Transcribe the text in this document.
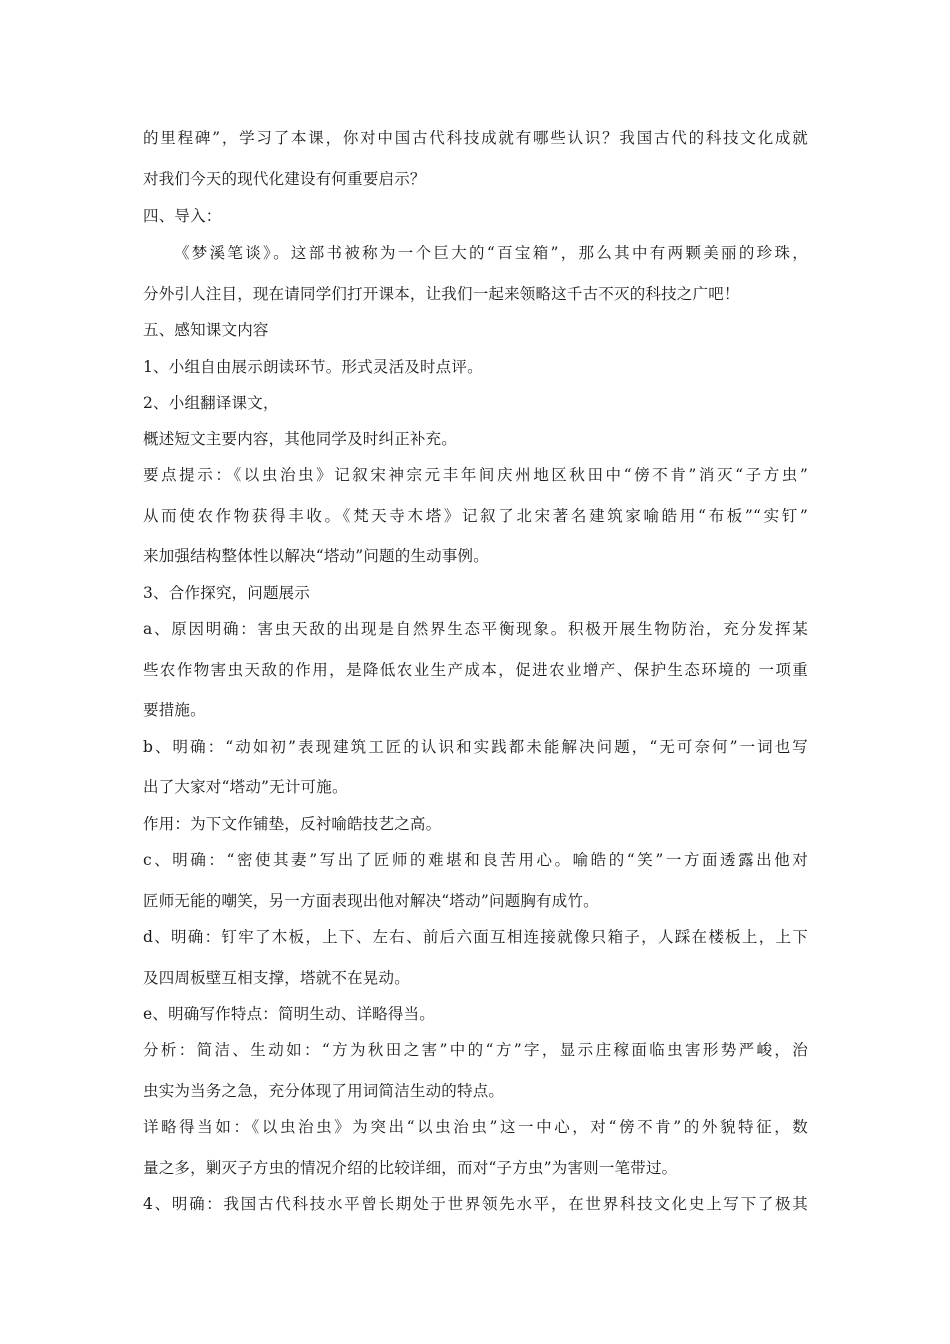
的里程碑”，学习了本课，你对中国古代科技成就有哪些认识？我国古代的科技文化成就
对我们今天的现代化建设有何重要启示？
四、导入：
《梦溪笔谈》。这部书被称为一个巨大的“百宝箱”，那么其中有两颗美丽的珍珠，
分外引人注目，现在请同学们打开课本，让我们一起来领略这千古不灭的科技之广吧！
五、感知课文内容
1、小组自由展示朗读环节。形式灵活及时点评。
2、小组翻译课文，
概述短文主要内容，其他同学及时纠正补充。
要点提示：《以虫治虫》记叙宋神宗元丰年间庆州地区秋田中“傍不肯”消灭“子方虫”
从而使农作物获得丰收。《梵天寺木塔》记叙了北宋著名建筑家喻皓用“布板”“实钉”
来加强结构整体性以解决“塔动”问题的生动事例。
3、合作探究，问题展示
a、原因明确：害虫天敌的出现是自然界生态平衡现象。积极开展生物防治，充分发挥某
些农作物害虫天敌的作用，是降低农业生产成本，促进农业增产、保护生态环境的 一项重
要措施。
b、明确：“动如初”表现建筑工匠的认识和实践都未能解决问题，“无可奈何”一词也写
出了大家对“塔动”无计可施。
作用：为下文作铺垫，反衬喻皓技艺之高。
c、明确：“密使其妻”写出了匠师的难堪和良苦用心。喻皓的“笑”一方面透露出他对
匠师无能的嘲笑，另一方面表现出他对解决“塔动”问题胸有成竹。
d、明确：钉牢了木板，上下、左右、前后六面互相连接就像只箱子，人踩在楼板上，上下
及四周板壁互相支撑，塔就不在晃动。
e、明确写作特点：简明生动、详略得当。
分析：简洁、生动如：“方为秋田之害”中的“方”字，显示庄稼面临虫害形势严峻，治
虫实为当务之急，充分体现了用词简洁生动的特点。
详略得当如：《以虫治虫》为突出“以虫治虫”这一中心，对“傍不肯”的外貌特征，数
量之多，剿灭子方虫的情况介绍的比较详细，而对“子方虫”为害则一笔带过。
4、明确：我国古代科技水平曾长期处于世界领先水平，在世界科技文化史上写下了极其
